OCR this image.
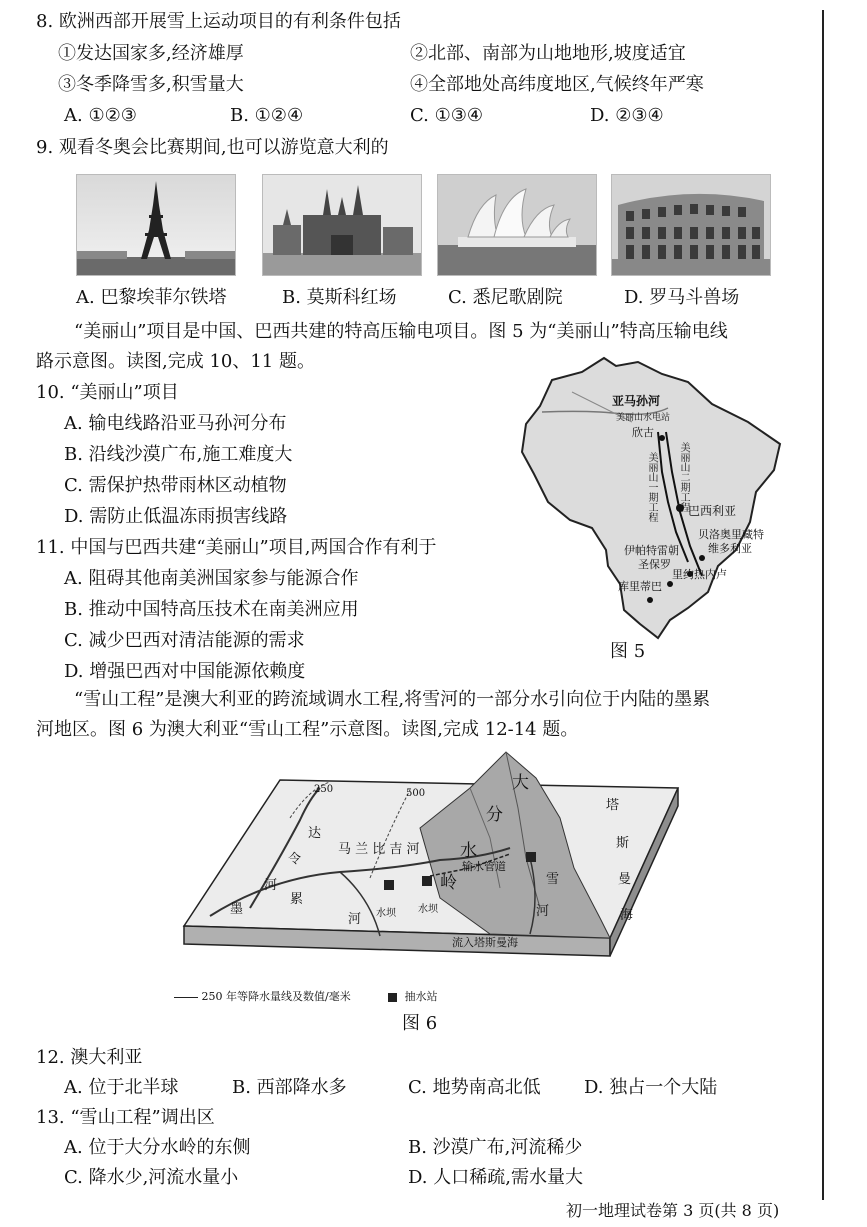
8. 欧洲西部开展雪上运动项目的有利条件包括
①发达国家多,经济雄厚	②北部、南部为山地地形,坡度适宜
③冬季降雪多,积雪量大	④全部地处高纬度地区,气候终年严寒
A. ①②③	B. ①②④	C. ①③④	D. ②③④
9. 观看冬奥会比赛期间,也可以游览意大利的
A. 巴黎埃菲尔铁塔	B. 莫斯科红场	C. 悉尼歌剧院	D. 罗马斗兽场
“美丽山”项目是中国、巴西共建的特高压输电项目。图 5 为“美丽山”特高压输电线
路示意图。读图,完成 10、11 题。
10. “美丽山”项目
A. 输电线路沿亚马孙河分布
B. 沿线沙漠广布,施工难度大
C. 需保护热带雨林区动植物
D. 需防止低温冻雨损害线路
11. 中国与巴西共建“美丽山”项目,两国合作有利于
A. 阻碍其他南美洲国家参与能源合作
B. 推动中国特高压技术在南美洲应用
C. 减少巴西对清洁能源的需求
D. 增强巴西对中国能源依赖度
亚马孙河
美丽山水电站
欣古
美丽山一期工程 美丽山二期工程 巴西利亚
贝洛奥里藏特
维多利亚
伊帕特雷朝
圣保罗
里约热内卢
库里蒂巴
图 5
“雪山工程”是澳大利亚的跨流域调水工程,将雪河的一部分水引向位于内陆的墨累
河地区。图 6 为澳大利亚“雪山工程”示意图。读图,完成 12-14 题。
大
分
水
岭
达
令
河
马 兰 比 吉 河
墨
累
河 水坝 水坝
输水管道
雪
河
塔
斯
曼
海
流入塔斯曼海
250	500
250 年等降水量线及数值/毫米	抽水站
图 6
12. 澳大利亚
A. 位于北半球	B. 西部降水多	C. 地势南高北低 D. 独占一个大陆
13. “雪山工程”调出区
A. 位于大分水岭的东侧	B. 沙漠广布,河流稀少
C. 降水少,河流水量小	D. 人口稀疏,需水量大
初一地理试卷第 3 页(共 8 页)
